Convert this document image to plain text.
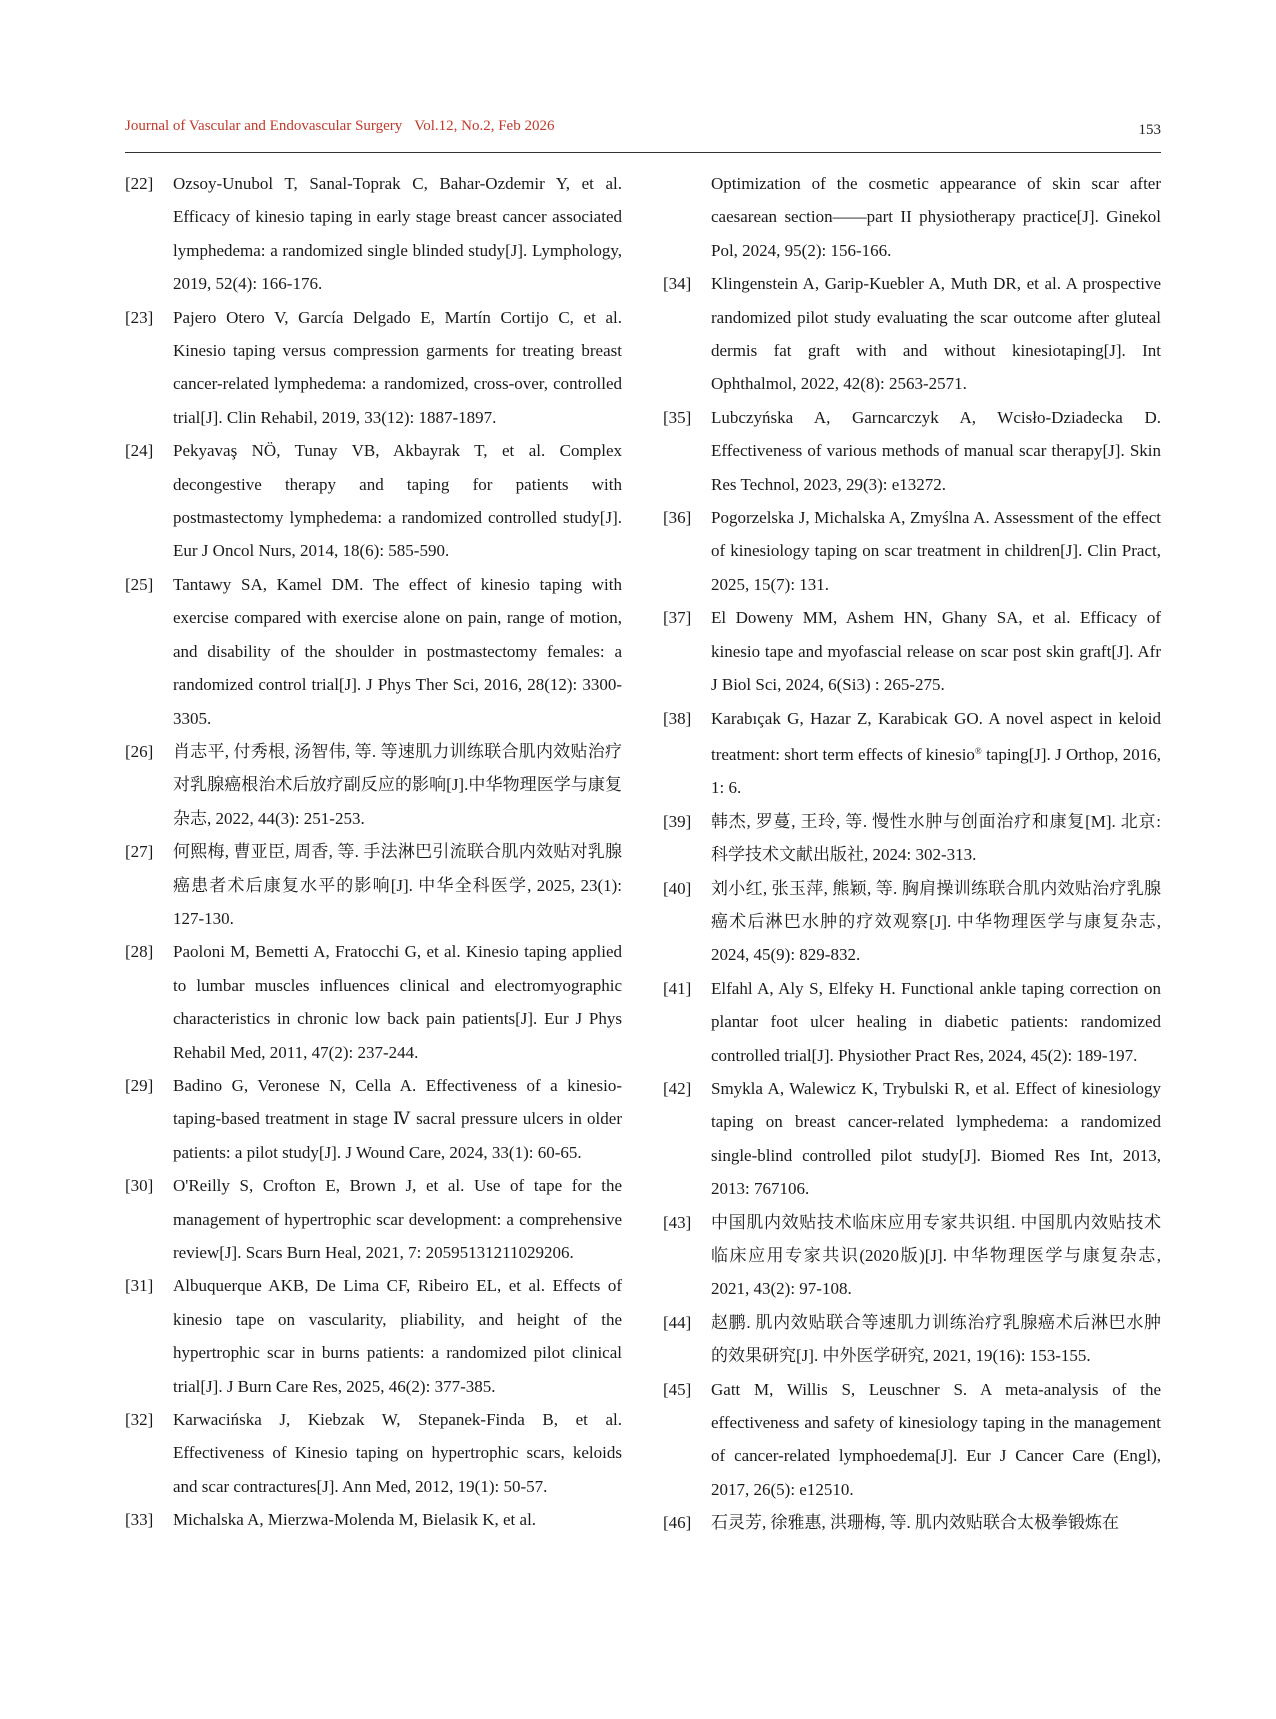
Journal of Vascular and Endovascular Surgery Vol.12, No.2, Feb 2026	153
[22] Ozsoy-Unubol T, Sanal-Toprak C, Bahar-Ozdemir Y, et al. Efficacy of kinesio taping in early stage breast cancer associated lymphedema: a randomized single blinded study[J]. Lymphology, 2019, 52(4): 166-176.
[23] Pajero Otero V, García Delgado E, Martín Cortijo C, et al. Kinesio taping versus compression garments for treating breast cancer-related lymphedema: a randomized, cross-over, controlled trial[J]. Clin Rehabil, 2019, 33(12): 1887-1897.
[24] Pekyavaş NÖ, Tunay VB, Akbayrak T, et al. Complex decongestive therapy and taping for patients with postmastectomy lymphedema: a randomized controlled study[J]. Eur J Oncol Nurs, 2014, 18(6): 585-590.
[25] Tantawy SA, Kamel DM. The effect of kinesio taping with exercise compared with exercise alone on pain, range of motion, and disability of the shoulder in postmastectomy females: a randomized control trial[J]. J Phys Ther Sci, 2016, 28(12): 3300-3305.
[26] 肖志平, 付秀根, 汤智伟, 等. 等速肌力训练联合肌内效贴治疗对乳腺癌根治术后放疗副反应的影响[J].中华物理医学与康复杂志, 2022, 44(3): 251-253.
[27] 何熙梅, 曹亚臣, 周香, 等. 手法淋巴引流联合肌内效贴对乳腺癌患者术后康复水平的影响[J]. 中华全科医学, 2025, 23(1): 127-130.
[28] Paoloni M, Bemetti A, Fratocchi G, et al. Kinesio taping applied to lumbar muscles influences clinical and electromyographic characteristics in chronic low back pain patients[J]. Eur J Phys Rehabil Med, 2011, 47(2): 237-244.
[29] Badino G, Veronese N, Cella A. Effectiveness of a kinesio-taping-based treatment in stage Ⅳ sacral pressure ulcers in older patients: a pilot study[J]. J Wound Care, 2024, 33(1): 60-65.
[30] O'Reilly S, Crofton E, Brown J, et al. Use of tape for the management of hypertrophic scar development: a comprehensive review[J]. Scars Burn Heal, 2021, 7: 20595131211029206.
[31] Albuquerque AKB, De Lima CF, Ribeiro EL, et al. Effects of kinesio tape on vascularity, pliability, and height of the hypertrophic scar in burns patients: a randomized pilot clinical trial[J]. J Burn Care Res, 2025, 46(2): 377-385.
[32] Karwacińska J, Kiebzak W, Stepanek-Finda B, et al. Effectiveness of Kinesio taping on hypertrophic scars, keloids and scar contractures[J]. Ann Med, 2012, 19(1): 50-57.
[33] Michalska A, Mierzwa-Molenda M, Bielasik K, et al.
Optimization of the cosmetic appearance of skin scar after caesarean section——part II physiotherapy practice[J]. Ginekol Pol, 2024, 95(2): 156-166.
[34] Klingenstein A, Garip-Kuebler A, Muth DR, et al. A prospective randomized pilot study evaluating the scar outcome after gluteal dermis fat graft with and without kinesiotaping[J]. Int Ophthalmol, 2022, 42(8): 2563-2571.
[35] Lubczyńska A, Garncarczyk A, Wcisło-Dziadecka D. Effectiveness of various methods of manual scar therapy[J]. Skin Res Technol, 2023, 29(3): e13272.
[36] Pogorzelska J, Michalska A, Zmyślna A. Assessment of the effect of kinesiology taping on scar treatment in children[J]. Clin Pract, 2025, 15(7): 131.
[37] El Doweny MM, Ashem HN, Ghany SA, et al. Efficacy of kinesio tape and myofascial release on scar post skin graft[J]. Afr J Biol Sci, 2024, 6(Si3) : 265-275.
[38] Karabıçak G, Hazar Z, Karabicak GO. A novel aspect in keloid treatment: short term effects of kinesio® taping[J]. J Orthop, 2016, 1: 6.
[39] 韩杰, 罗蔓, 王玲, 等. 慢性水肿与创面治疗和康复[M]. 北京: 科学技术文献出版社, 2024: 302-313.
[40] 刘小红, 张玉萍, 熊颖, 等. 胸肩操训练联合肌内效贴治疗乳腺癌术后淋巴水肿的疗效观察[J]. 中华物理医学与康复杂志, 2024, 45(9): 829-832.
[41] Elfahl A, Aly S, Elfeky H. Functional ankle taping correction on plantar foot ulcer healing in diabetic patients: randomized controlled trial[J]. Physiother Pract Res, 2024, 45(2): 189-197.
[42] Smykla A, Walewicz K, Trybulski R, et al. Effect of kinesiology taping on breast cancer-related lymphedema: a randomized single-blind controlled pilot study[J]. Biomed Res Int, 2013, 2013: 767106.
[43] 中国肌内效贴技术临床应用专家共识组. 中国肌内效贴技术临床应用专家共识(2020版)[J]. 中华物理医学与康复杂志, 2021, 43(2): 97-108.
[44] 赵鹏. 肌内效贴联合等速肌力训练治疗乳腺癌术后淋巴水肿的效果研究[J]. 中外医学研究, 2021, 19(16): 153-155.
[45] Gatt M, Willis S, Leuschner S. A meta-analysis of the effectiveness and safety of kinesiology taping in the management of cancer-related lymphoedema[J]. Eur J Cancer Care (Engl), 2017, 26(5): e12510.
[46] 石灵芳, 徐雅惠, 洪珊梅, 等. 肌内效贴联合太极拳锻炼在
